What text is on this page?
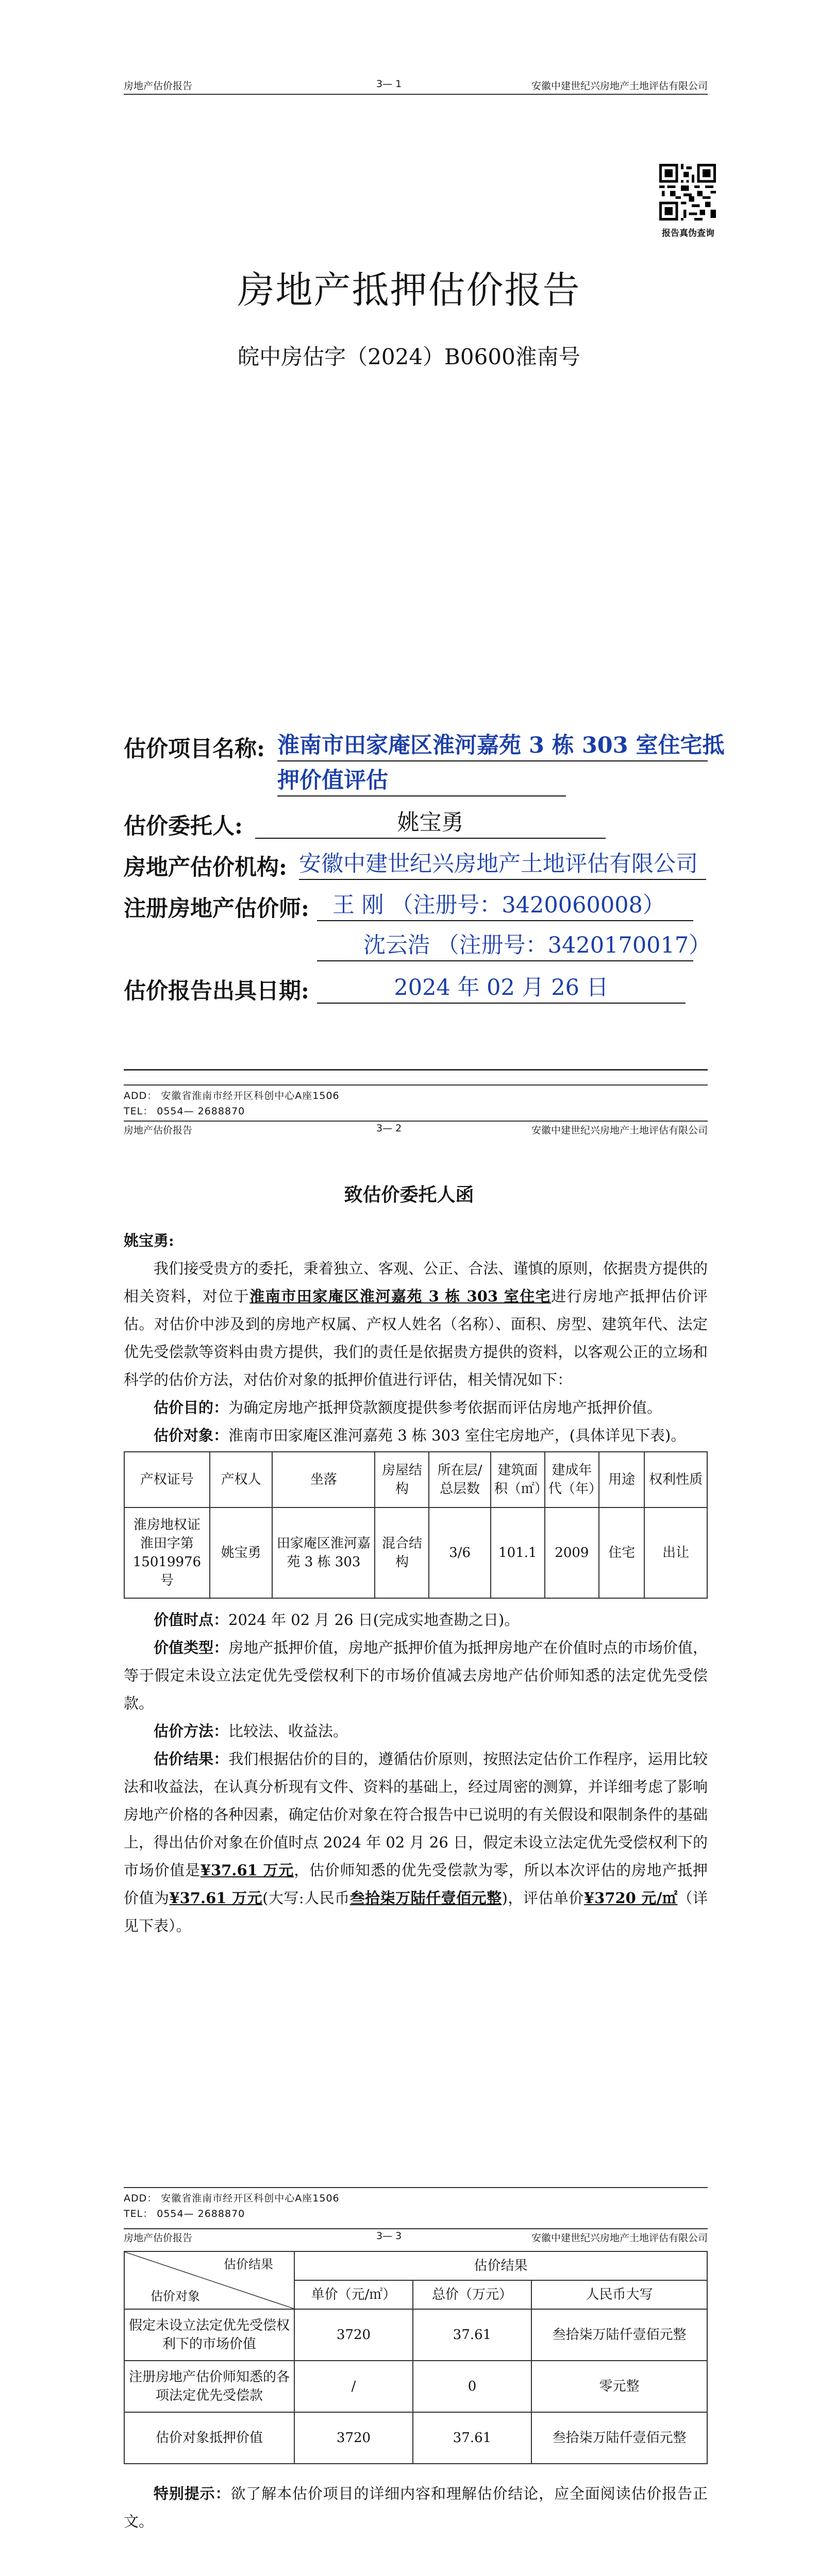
房地产估价报告	3— 1	安徽中建世纪兴房地产土地评估有限公司
报告真伪查询
房地产抵押估价报告
皖中房估字（2024）B0600淮南号
估价项目名称: 淮南市田家庵区淮河嘉苑 3 栋 303 室住宅抵
押价值评估
估价委托人:	姚宝勇
房地产估价机构: 安徽中建世纪兴房地产土地评估有限公司
注册房地产估价师:	王 刚 （注册号：3420060008）
沈云浩 （注册号：3420170017）
估价报告出具日期:	2024 年 02 月 26 日
ADD： 安徽省淮南市经开区科创中心A座1506
TEL： 0554— 2688870
房地产估价报告	3— 2	安徽中建世纪兴房地产土地评估有限公司
致估价委托人函

姚宝勇:

我们接受贵方的委托，秉着独立、客观、公正、合法、谨慎的原则，依据贵方提供的相关资料，对位于淮南市田家庵区淮河嘉苑 3 栋 303 室住宅进行房地产抵押估价评估。对估价中涉及到的房地产权属、产权人姓名（名称）、面积、房型、建筑年代、法定优先受偿款等资料由贵方提供，我们的责任是依据贵方提供的资料，以客观公正的立场和科学的估价方法，对估价对象的抵押价值进行评估，相关情况如下：

估价目的：为确定房地产抵押贷款额度提供参考依据而评估房地产抵押价值。

估价对象：淮南市田家庵区淮河嘉苑 3 栋 303 室住宅房地产，(具体详见下表)。

产权证号	产权人	坐落	房屋结构	所在层/总层数	建筑面积（㎡）	建成年代（年）	用途	权利性质
淮房地权证淮田字第15019976号	姚宝勇	田家庵区淮河嘉苑 3 栋 303	混合结构	3/6	101.1	2009	住宅	出让

价值时点：2024 年 02 月 26 日(完成实地查勘之日)。

价值类型：房地产抵押价值，房地产抵押价值为抵押房地产在价值时点的市场价值，等于假定未设立法定优先受偿权利下的市场价值减去房地产估价师知悉的法定优先受偿款。

估价方法：比较法、收益法。

估价结果：我们根据估价的目的，遵循估价原则，按照法定估价工作程序，运用比较法和收益法，在认真分析现有文件、资料的基础上，经过周密的测算，并详细考虑了影响房地产价格的各种因素，确定估价对象在符合报告中已说明的有关假设和限制条件的基础上，得出估价对象在价值时点 2024 年 02 月 26 日，假定未设立法定优先受偿权利下的市场价值是¥37.61 万元，估价师知悉的优先受偿款为零，所以本次评估的房地产抵押价值为¥37.61 万元(大写:人民币叁拾柒万陆仟壹佰元整)，评估单价¥3720 元/㎡（详见下表）。

ADD： 安徽省淮南市经开区科创中心A座1506
TEL： 0554— 2688870
房地产估价报告	3— 3	安徽中建世纪兴房地产土地评估有限公司
估价结果
估价对象	估价结果		
	单价（元/㎡）	总价（万元）	人民币大写
假定未设立法定优先受偿权利下的市场价值	3720	37.61	叁拾柒万陆仟壹佰元整
注册房地产估价师知悉的各项法定优先受偿款	/	0	零元整
估价对象抵押价值	3720	37.61	叁拾柒万陆仟壹佰元整

特别提示：欲了解本估价项目的详细内容和理解估价结论，应全面阅读估价报告正文。
